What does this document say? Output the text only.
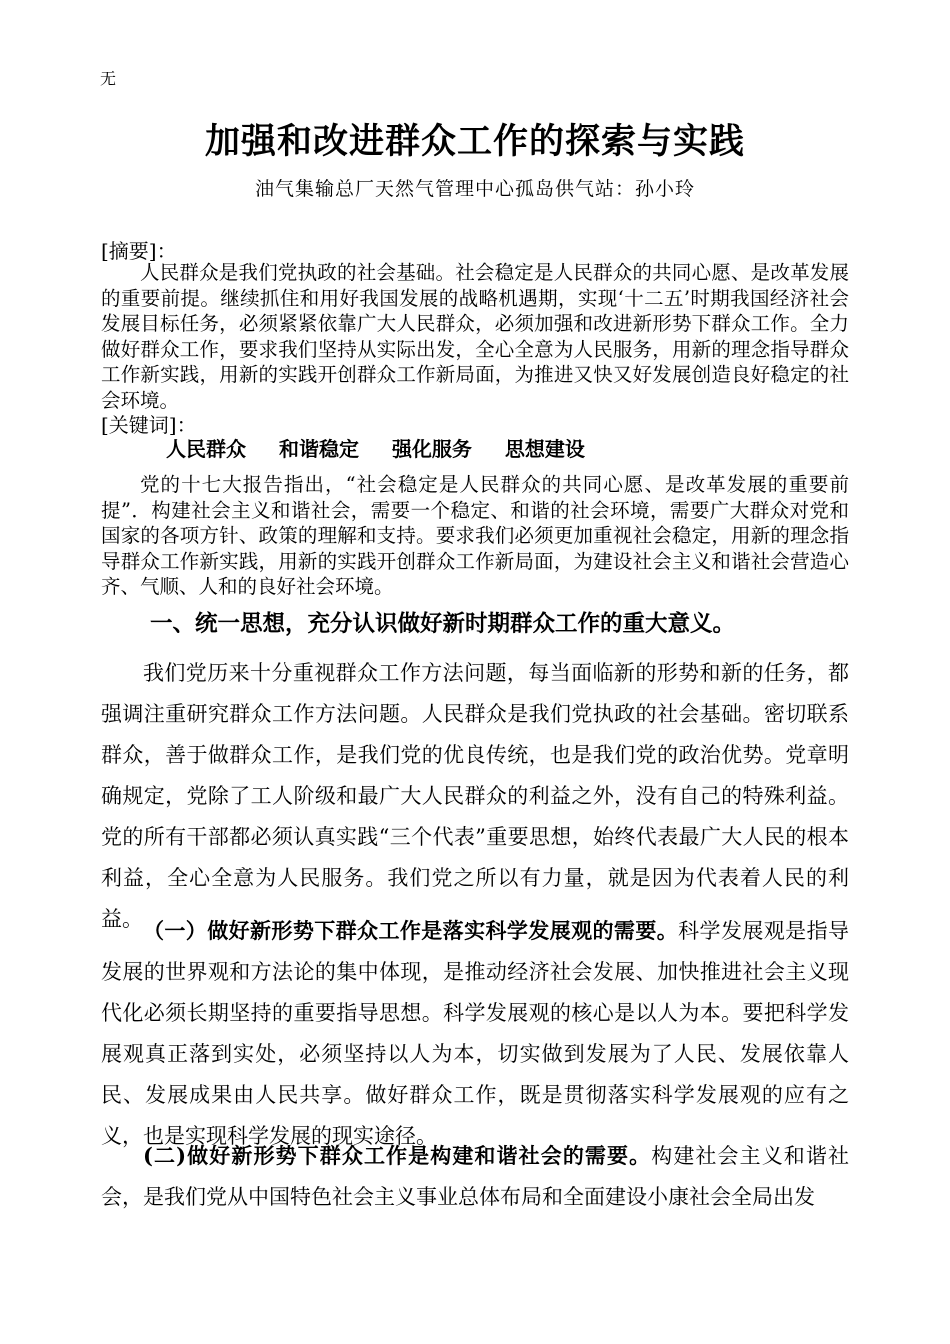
无
加强和改进群众工作的探索与实践
油气集输总厂天然气管理中心孤岛供气站：孙小玲
[摘要]：
人民群众是我们党执政的社会基础。社会稳定是人民群众的共同心愿、是改革发展的重要前提。继续抓住和用好我国发展的战略机遇期，实现‘十二五’时期我国经济社会发展目标任务，必须紧紧依靠广大人民群众，必须加强和改进新形势下群众工作。全力做好群众工作，要求我们坚持从实际出发，全心全意为人民服务，用新的理念指导群众工作新实践，用新的实践开创群众工作新局面，为推进又快又好发展创造良好稳定的社会环境。
[关键词]：
人民群众 和谐稳定 强化服务 思想建设
党的十七大报告指出，“社会稳定是人民群众的共同心愿、是改革发展的重要前提”．构建社会主义和谐社会，需要一个稳定、和谐的社会环境，需要广大群众对党和国家的各项方针、政策的理解和支持。要求我们必须更加重视社会稳定，用新的理念指导群众工作新实践，用新的实践开创群众工作新局面，为建设社会主义和谐社会营造心齐、气顺、人和的良好社会环境。
一、统一思想，充分认识做好新时期群众工作的重大意义。
我们党历来十分重视群众工作方法问题，每当面临新的形势和新的任务，都强调注重研究群众工作方法问题。人民群众是我们党执政的社会基础。密切联系群众，善于做群众工作，是我们党的优良传统，也是我们党的政治优势。党章明确规定，党除了工人阶级和最广大人民群众的利益之外，没有自己的特殊利益。党的所有干部都必须认真实践“三个代表”重要思想，始终代表最广大人民的根本利益，全心全意为人民服务。我们党之所以有力量，就是因为代表着人民的利益。 （一）做好新形势下群众工作是落实科学发展观的需要。科学发展观是指导发展的世界观和方法论的集中体现，是推动经济社会发展、加快推进社会主义现代化必须长期坚持的重要指导思想。科学发展观的核心是以人为本。要把科学发展观真正落到实处，必须坚持以人为本，切实做到发展为了人民、发展依靠人民、发展成果由人民共享。做好群众工作，既是贯彻落实科学发展观的应有之义，也是实现科学发展的现实途径。
(二)做好新形势下群众工作是构建和谐社会的需要。构建社会主义和谐社会，是我们党从中国特色社会主义事业总体布局和全面建设小康社会全局出发
